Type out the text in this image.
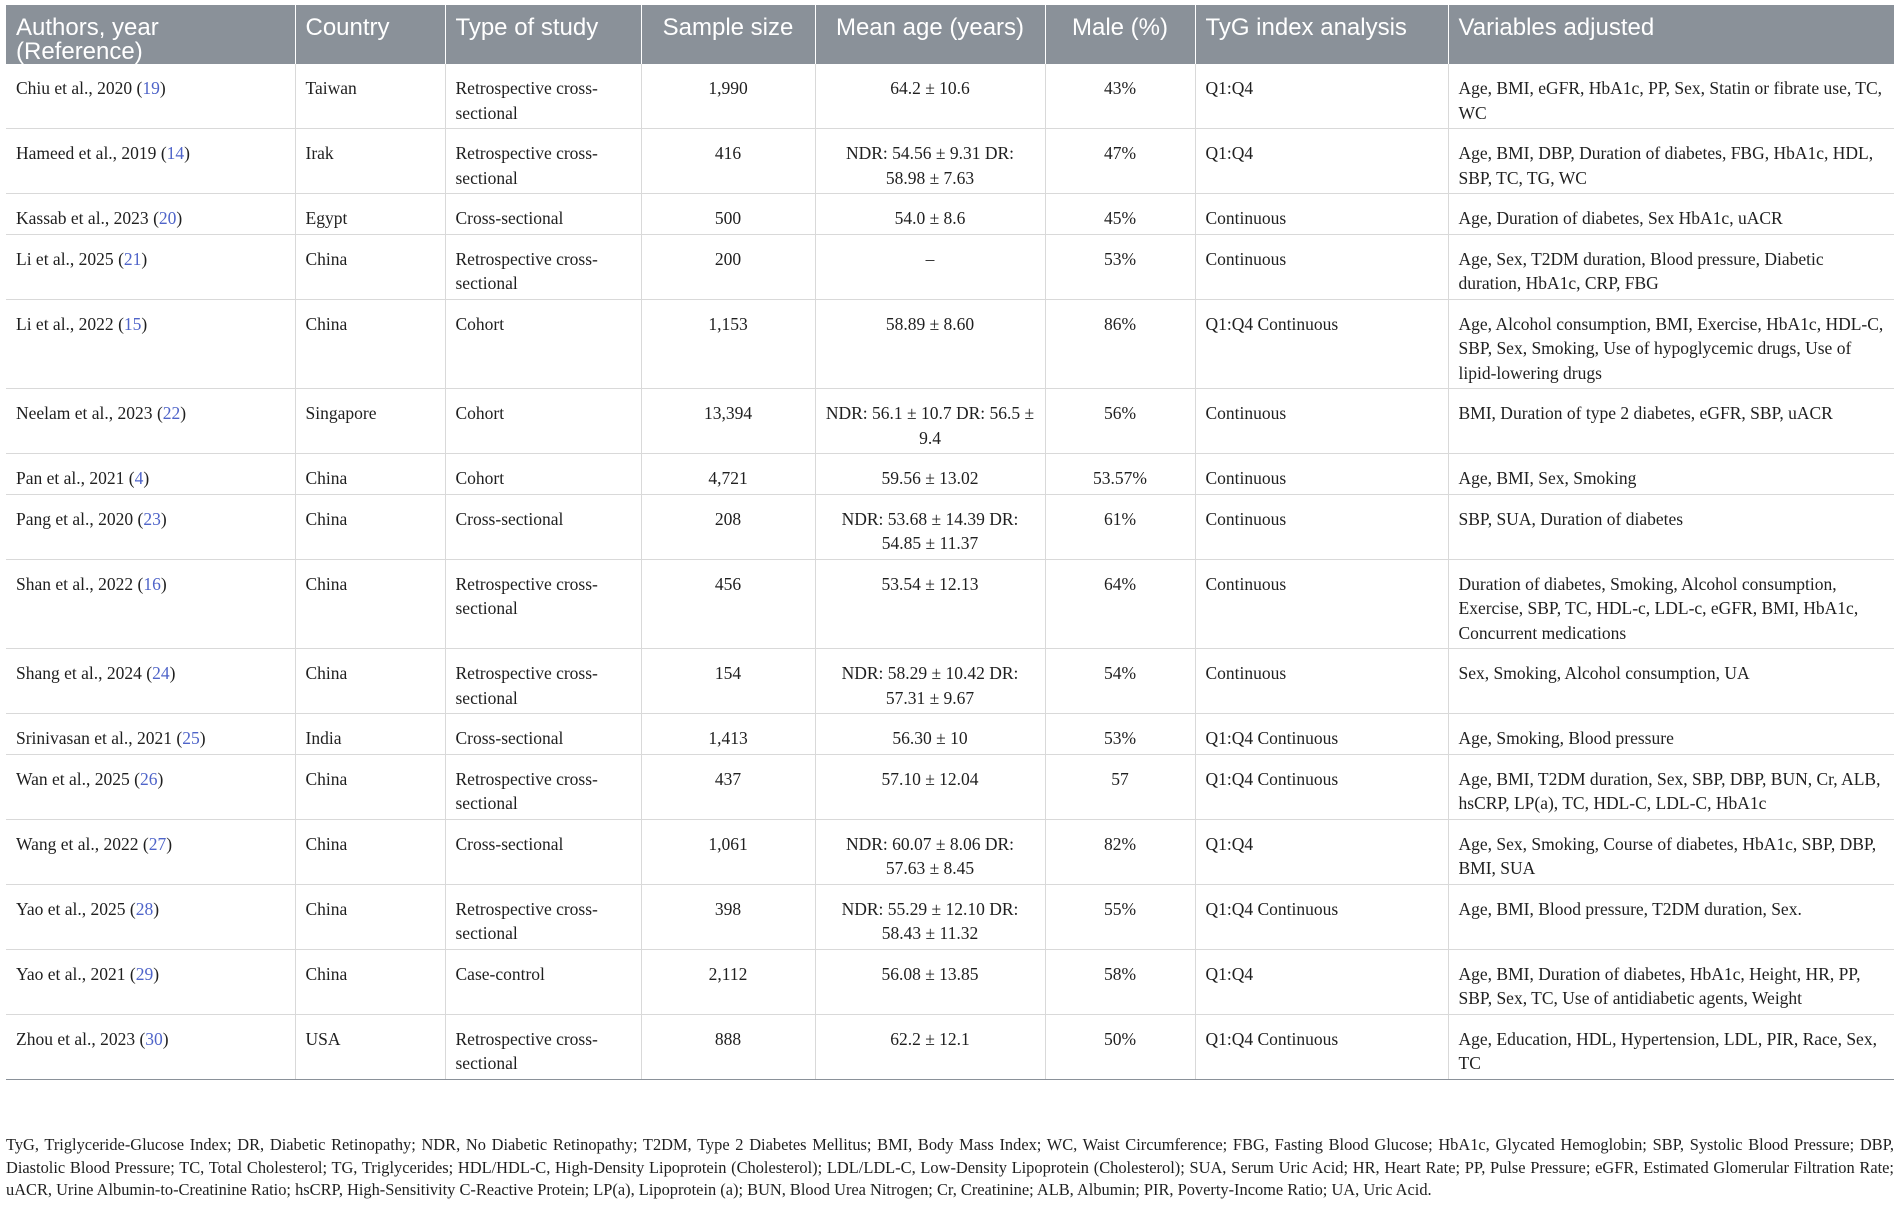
Authors, year (Reference)	Country	Type of study	Sample size	Mean age (years)	Male (%)	TyG index analysis	Variables adjusted
Chiu et al., 2020 (19)	Taiwan	Retrospective cross-sectional	1,990	64.2 ± 10.6	43%	Q1:Q4	Age, BMI, eGFR, HbA1c, PP, Sex, Statin or fibrate use, TC, WC
Hameed et al., 2019 (14)	Irak	Retrospective cross-sectional	416	NDR: 54.56 ± 9.31 DR: 58.98 ± 7.63	47%	Q1:Q4	Age, BMI, DBP, Duration of diabetes, FBG, HbA1c, HDL, SBP, TC, TG, WC
Kassab et al., 2023 (20)	Egypt	Cross-sectional	500	54.0 ± 8.6	45%	Continuous	Age, Duration of diabetes, Sex HbA1c, uACR
Li et al., 2025 (21)	China	Retrospective cross-sectional	200	–	53%	Continuous	Age, Sex, T2DM duration, Blood pressure, Diabetic duration, HbA1c, CRP, FBG
Li et al., 2022 (15)	China	Cohort	1,153	58.89 ± 8.60	86%	Q1:Q4 Continuous	Age, Alcohol consumption, BMI, Exercise, HbA1c, HDL-C, SBP, Sex, Smoking, Use of hypoglycemic drugs, Use of lipid-lowering drugs
Neelam et al., 2023 (22)	Singapore	Cohort	13,394	NDR: 56.1 ± 10.7 DR: 56.5 ± 9.4	56%	Continuous	BMI, Duration of type 2 diabetes, eGFR, SBP, uACR
Pan et al., 2021 (4)	China	Cohort	4,721	59.56 ± 13.02	53.57%	Continuous	Age, BMI, Sex, Smoking
Pang et al., 2020 (23)	China	Cross-sectional	208	NDR: 53.68 ± 14.39 DR: 54.85 ± 11.37	61%	Continuous	SBP, SUA, Duration of diabetes
Shan et al., 2022 (16)	China	Retrospective cross-sectional	456	53.54 ± 12.13	64%	Continuous	Duration of diabetes, Smoking, Alcohol consumption, Exercise, SBP, TC, HDL-c, LDL-c, eGFR, BMI, HbA1c, Concurrent medications
Shang et al., 2024 (24)	China	Retrospective cross-sectional	154	NDR: 58.29 ± 10.42 DR: 57.31 ± 9.67	54%	Continuous	Sex, Smoking, Alcohol consumption, UA
Srinivasan et al., 2021 (25)	India	Cross-sectional	1,413	56.30 ± 10	53%	Q1:Q4 Continuous	Age, Smoking, Blood pressure
Wan et al., 2025 (26)	China	Retrospective cross-sectional	437	57.10 ± 12.04	57	Q1:Q4 Continuous	Age, BMI, T2DM duration, Sex, SBP, DBP, BUN, Cr, ALB, hsCRP, LP(a), TC, HDL-C, LDL-C, HbA1c
Wang et al., 2022 (27)	China	Cross-sectional	1,061	NDR: 60.07 ± 8.06 DR: 57.63 ± 8.45	82%	Q1:Q4	Age, Sex, Smoking, Course of diabetes, HbA1c, SBP, DBP, BMI, SUA
Yao et al., 2025 (28)	China	Retrospective cross-sectional	398	NDR: 55.29 ± 12.10 DR: 58.43 ± 11.32	55%	Q1:Q4 Continuous	Age, BMI, Blood pressure, T2DM duration, Sex.
Yao et al., 2021 (29)	China	Case-control	2,112	56.08 ± 13.85	58%	Q1:Q4	Age, BMI, Duration of diabetes, HbA1c, Height, HR, PP, SBP, Sex, TC, Use of antidiabetic agents, Weight
Zhou et al., 2023 (30)	USA	Retrospective cross-sectional	888	62.2 ± 12.1	50%	Q1:Q4 Continuous	Age, Education, HDL, Hypertension, LDL, PIR, Race, Sex, TC

TyG, Triglyceride-Glucose Index; DR, Diabetic Retinopathy; NDR, No Diabetic Retinopathy; T2DM, Type 2 Diabetes Mellitus; BMI, Body Mass Index; WC, Waist Circumference; FBG, Fasting Blood Glucose; HbA1c, Glycated Hemoglobin; SBP, Systolic Blood Pressure; DBP, Diastolic Blood Pressure; TC, Total Cholesterol; TG, Triglycerides; HDL/HDL-C, High-Density Lipoprotein (Cholesterol); LDL/LDL-C, Low-Density Lipoprotein (Cholesterol); SUA, Serum Uric Acid; HR, Heart Rate; PP, Pulse Pressure; eGFR, Estimated Glomerular Filtration Rate; uACR, Urine Albumin-to-Creatinine Ratio; hsCRP, High-Sensitivity C-Reactive Protein; LP(a), Lipoprotein (a); BUN, Blood Urea Nitrogen; Cr, Creatinine; ALB, Albumin; PIR, Poverty-Income Ratio; UA, Uric Acid.
